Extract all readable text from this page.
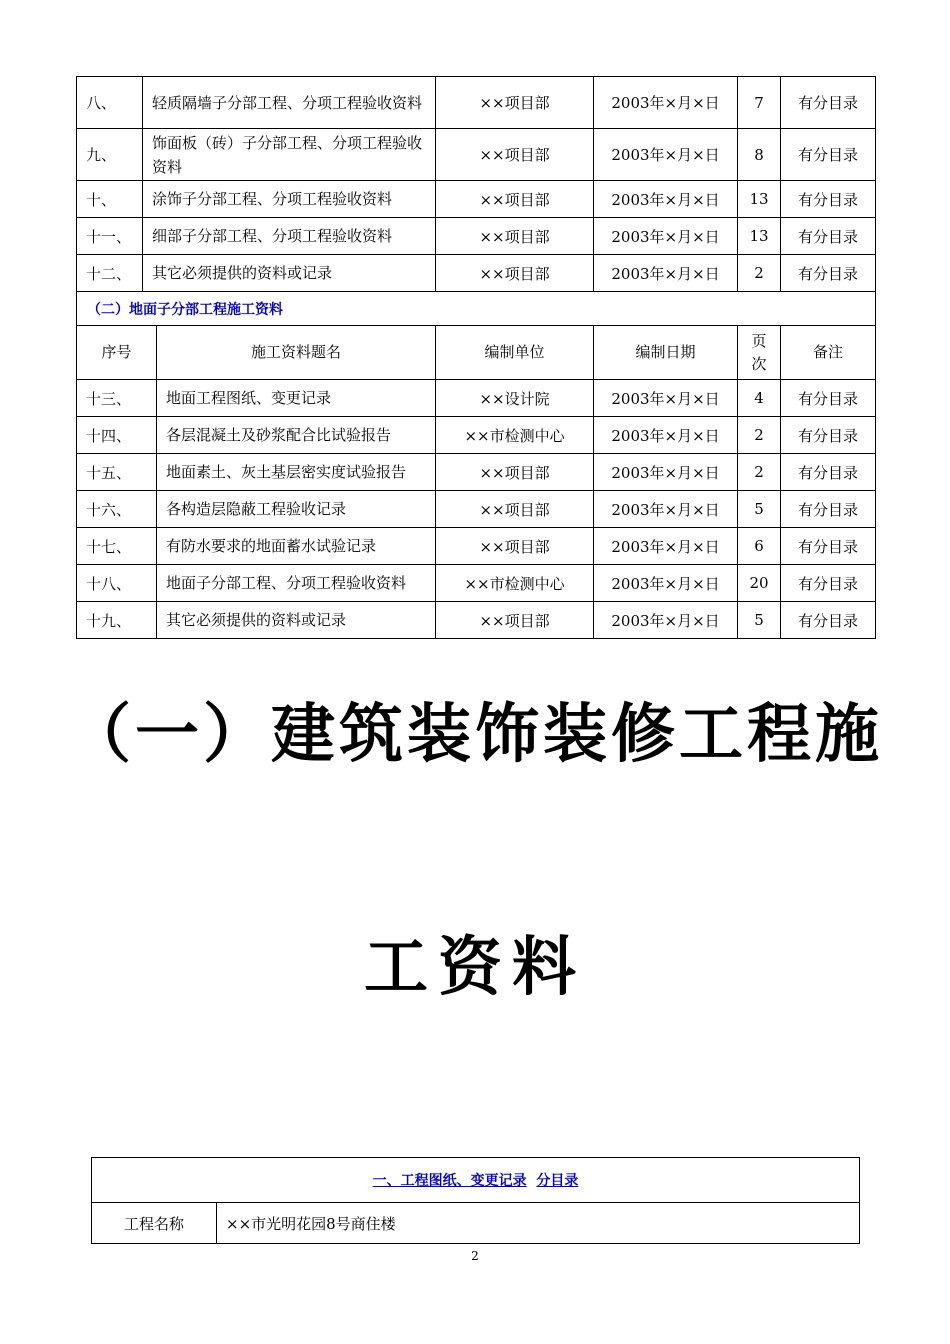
八、	轻质隔墙子分部工程、分项工程验收资料		××项目部	2003年×月×日	7	有分目录
九、	饰面板（砖）子分部工程、分项工程验收资料		××项目部	2003年×月×日	8	有分目录
十、	涂饰子分部工程、分项工程验收资料		××项目部	2003年×月×日	13	有分目录
十一、	细部子分部工程、分项工程验收资料		××项目部	2003年×月×日	13	有分目录
十二、	其它必须提供的资料或记录		××项目部	2003年×月×日	2	有分目录
（二）地面子分部工程施工资料						
序号		施工资料题名	编制单位	编制日期	页次	备注
十三、		地面工程图纸、变更记录	××设计院	2003年×月×日	4	有分目录
十四、		各层混凝土及砂浆配合比试验报告	××市检测中心	2003年×月×日	2	有分目录
十五、		地面素土、灰土基层密实度试验报告	××项目部	2003年×月×日	2	有分目录
十六、		各构造层隐蔽工程验收记录	××项目部	2003年×月×日	5	有分目录
十七、		有防水要求的地面蓄水试验记录	××项目部	2003年×月×日	6	有分目录
十八、		地面子分部工程、分项工程验收资料	××市检测中心	2003年×月×日	20	有分目录
十九、		其它必须提供的资料或记录	××项目部	2003年×月×日	5	有分目录
（一）建筑装饰装修工程施
工资料
一、工程图纸、变更记录 分目录
工程名称	××市光明花园8号商住楼
2
